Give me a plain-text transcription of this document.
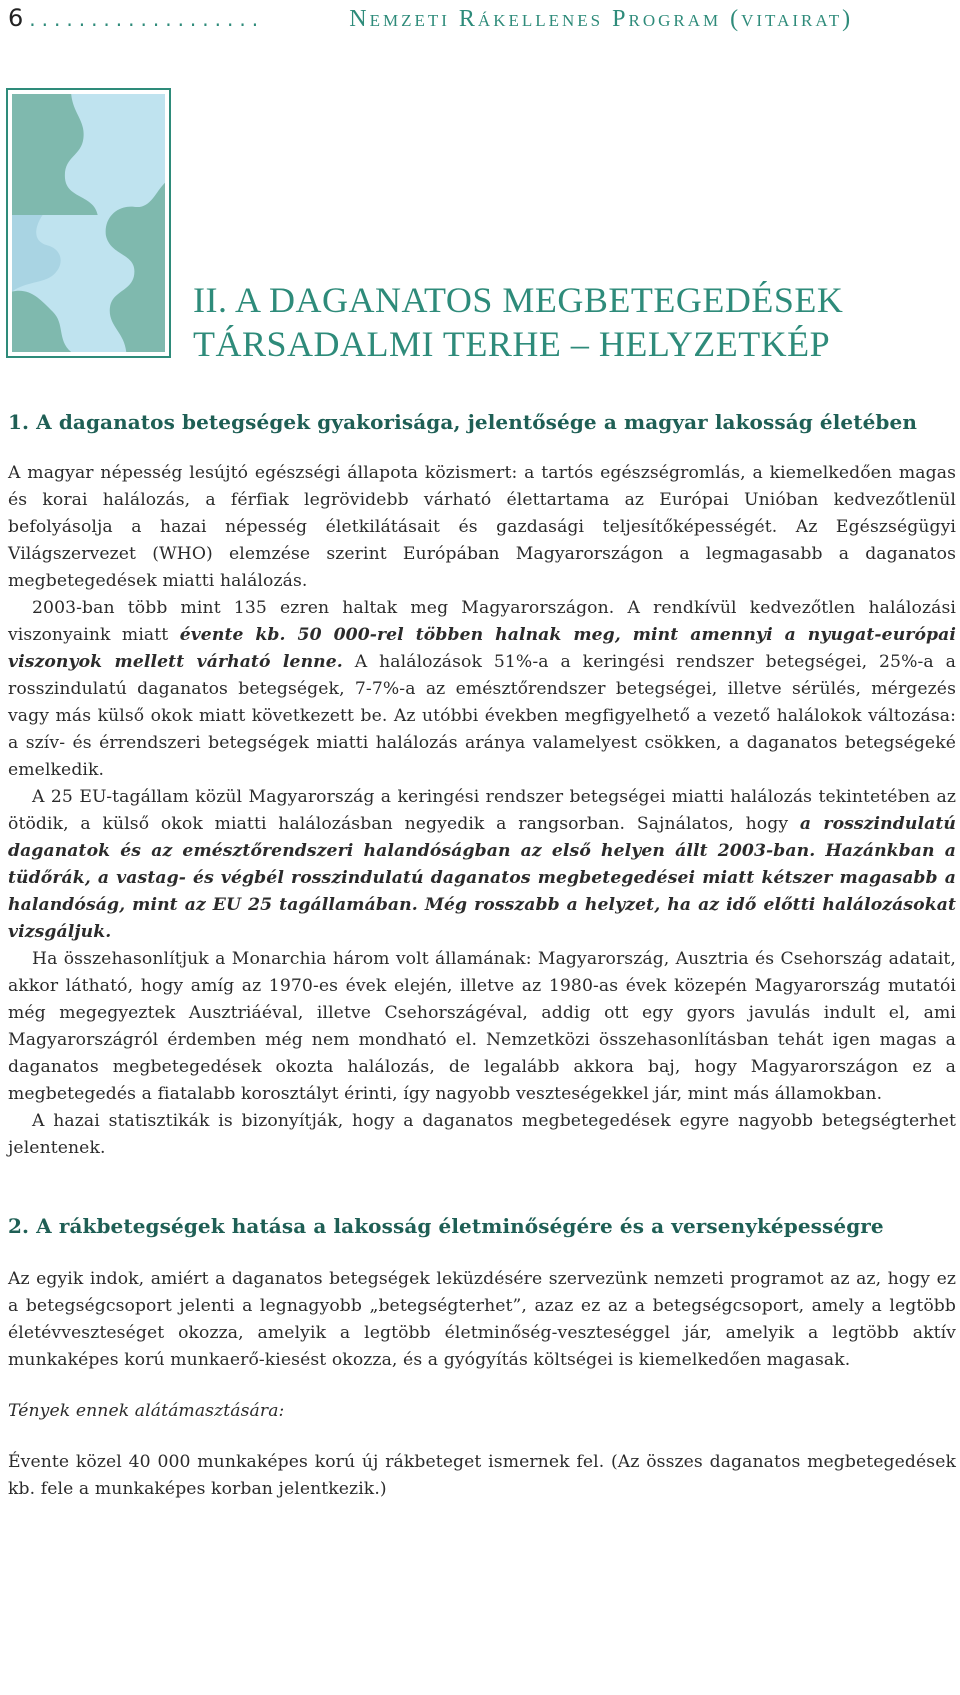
6 ...................	Nemzeti Rákellenes Program (vitairat)
II. A DAGANATOS MEGBETEGEDÉSEK
TÁRSADALMI TERHE – HELYZETKÉP
1. A daganatos betegségek gyakorisága, jelentősége a magyar lakosság életében

A magyar népesség lesújtó egészségi állapota közismert: a tartós egészségromlás, a kiemelkedően magas és korai halálozás, a férfiak legrövidebb várható élettartama az Európai Unióban kedvezőtlenül befolyásolja a hazai népesség életkilátásait és gazdasági teljesítőképességét. Az Egészségügyi Világszervezet (WHO) elemzése szerint Európában Magyarországon a legmagasabb a daganatos megbetegedések miatti halálozás.

2003-ban több mint 135 ezren haltak meg Magyarországon. A rendkívül kedvezőtlen halálozási viszonyaink miatt évente kb. 50 000-rel többen halnak meg, mint amennyi a nyugat-európai viszonyok mellett várható lenne. A halálozások 51%-a a keringési rendszer betegségei, 25%-a a rosszindulatú daganatos betegségek, 7-7%-a az emésztőrendszer betegségei, illetve sérülés, mérgezés vagy más külső okok miatt következett be. Az utóbbi években megfigyelhető a vezető halálokok változása: a szív- és érrendszeri betegségek miatti halálozás aránya valamelyest csökken, a daganatos betegségeké emelkedik.

A 25 EU-tagállam közül Magyarország a keringési rendszer betegségei miatti halálozás tekintetében az ötödik, a külső okok miatti halálozásban negyedik a rangsorban. Sajnálatos, hogy a rosszindulatú daganatok és az emésztőrendszeri halandóságban az első helyen állt 2003-ban. Hazánkban a tüdőrák, a vastag- és végbél rosszindulatú daganatos megbetegedései miatt kétszer magasabb a halandóság, mint az EU 25 tagállamában. Még rosszabb a helyzet, ha az idő előtti halálozásokat vizsgáljuk.

Ha összehasonlítjuk a Monarchia három volt államának: Magyarország, Ausztria és Csehország adatait, akkor látható, hogy amíg az 1970-es évek elején, illetve az 1980-as évek közepén Magyarország mutatói még megegyeztek Ausztriáéval, illetve Csehországéval, addig ott egy gyors javulás indult el, ami Magyarországról érdemben még nem mondható el. Nemzetközi összehasonlításban tehát igen magas a daganatos megbetegedések okozta halálozás, de legalább akkora baj, hogy Magyarországon ez a megbetegedés a fiatalabb korosztályt érinti, így nagyobb veszteségekkel jár, mint más államokban.

A hazai statisztikák is bizonyítják, hogy a daganatos megbetegedések egyre nagyobb betegségterhet jelentenek.

2. A rákbetegségek hatása a lakosság életminőségére és a versenyképességre

Az egyik indok, amiért a daganatos betegségek leküzdésére szervezünk nemzeti programot az az, hogy ez a betegségcsoport jelenti a legnagyobb „betegségterhet”, azaz ez az a betegségcsoport, amely a legtöbb életévveszteséget okozza, amelyik a legtöbb életminőség-veszteséggel jár, amelyik a legtöbb aktív munkaképes korú munkaerő-kiesést okozza, és a gyógyítás költségei is kiemelkedően magasak.

Tények ennek alátámasztására:

Évente közel 40 000 munkaképes korú új rákbeteget ismernek fel. (Az összes daganatos megbetegedések kb. fele a munkaképes korban jelentkezik.)
